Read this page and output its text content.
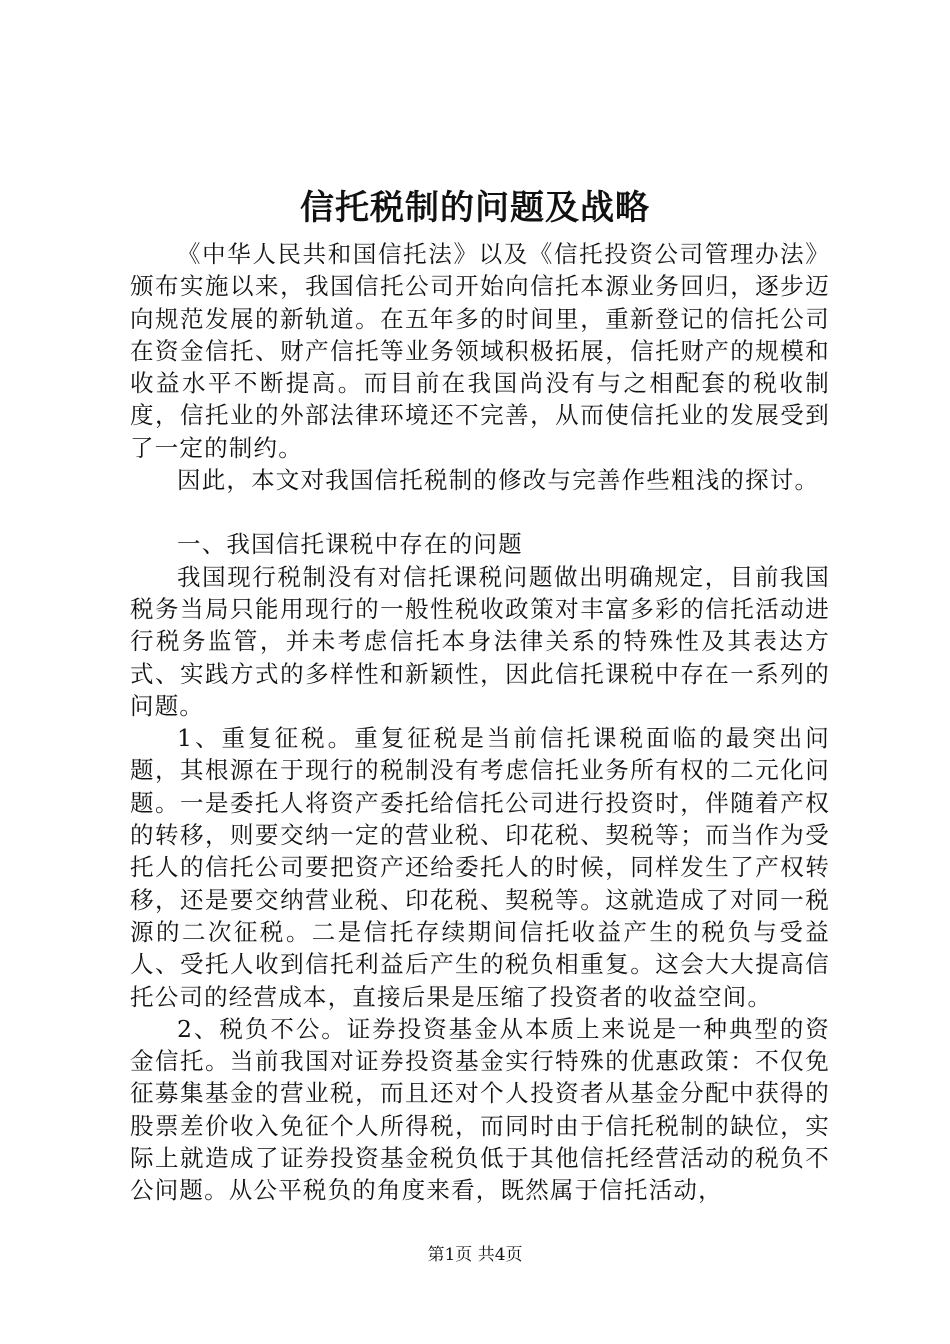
信托税制的问题及战略

《中华人民共和国信托法》以及《信托投资公司管理办法》颁布实施以来，我国信托公司开始向信托本源业务回归，逐步迈向规范发展的新轨道。在五年多的时间里，重新登记的信托公司在资金信托、财产信托等业务领域积极拓展，信托财产的规模和收益水平不断提高。而目前在我国尚没有与之相配套的税收制度，信托业的外部法律环境还不完善，从而使信托业的发展受到了一定的制约。

因此，本文对我国信托税制的修改与完善作些粗浅的探讨。

一、我国信托课税中存在的问题

我国现行税制没有对信托课税问题做出明确规定，目前我国税务当局只能用现行的一般性税收政策对丰富多彩的信托活动进行税务监管，并未考虑信托本身法律关系的特殊性及其表达方式、实践方式的多样性和新颖性，因此信托课税中存在一系列的问题。

1、重复征税。重复征税是当前信托课税面临的最突出问题，其根源在于现行的税制没有考虑信托业务所有权的二元化问题。一是委托人将资产委托给信托公司进行投资时，伴随着产权的转移，则要交纳一定的营业税、印花税、契税等；而当作为受托人的信托公司要把资产还给委托人的时候，同样发生了产权转移，还是要交纳营业税、印花税、契税等。这就造成了对同一税源的二次征税。二是信托存续期间信托收益产生的税负与受益人、受托人收到信托利益后产生的税负相重复。这会大大提高信托公司的经营成本，直接后果是压缩了投资者的收益空间。

2、税负不公。证券投资基金从本质上来说是一种典型的资金信托。当前我国对证券投资基金实行特殊的优惠政策：不仅免征募集基金的营业税，而且还对个人投资者从基金分配中获得的股票差价收入免征个人所得税，而同时由于信托税制的缺位，实际上就造成了证券投资基金税负低于其他信托经营活动的税负不公问题。从公平税负的角度来看，既然属于信托活动，

第1页 共4页
